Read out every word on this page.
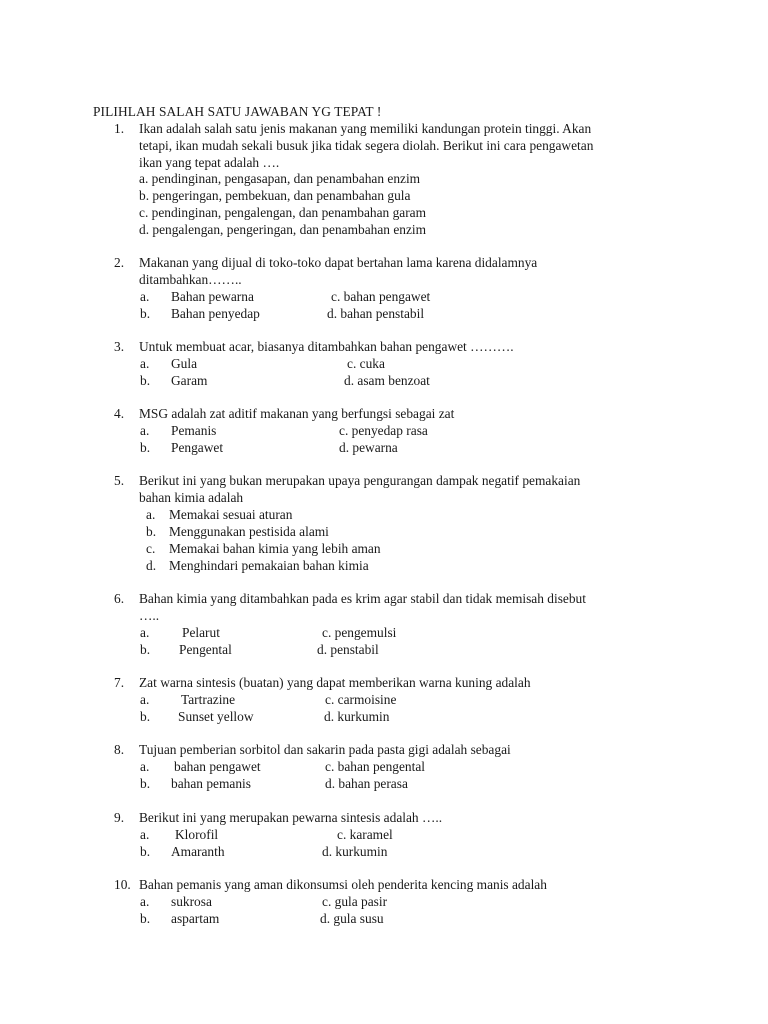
PILIHLAH SALAH SATU JAWABAN YG TEPAT !
1. Ikan adalah salah satu jenis makanan yang memiliki kandungan protein tinggi. Akan
tetapi, ikan mudah sekali busuk jika tidak segera diolah. Berikut ini cara pengawetan
ikan yang tepat adalah ….
a. pendinginan, pengasapan, dan penambahan enzim
b. pengeringan, pembekuan, dan penambahan gula
c. pendinginan, pengalengan, dan penambahan garam
d. pengalengan, pengeringan, dan penambahan enzim
2. Makanan yang dijual di toko-toko dapat bertahan lama karena didalamnya
ditambahkan……..
a. Bahan pewarna	c. bahan pengawet
b. Bahan penyedap	d. bahan penstabil
3. Untuk membuat acar, biasanya ditambahkan bahan pengawet ……….
a. Gula	c. cuka
b. Garam	d. asam benzoat
4. MSG adalah zat aditif makanan yang berfungsi sebagai zat
a. Pemanis	c. penyedap rasa
b. Pengawet	d. pewarna
5. Berikut ini yang bukan merupakan upaya pengurangan dampak negatif pemakaian
bahan kimia adalah
a. Memakai sesuai aturan
b. Menggunakan pestisida alami
c. Memakai bahan kimia yang lebih aman
d. Menghindari pemakaian bahan kimia
6. Bahan kimia yang ditambahkan pada es krim agar stabil dan tidak memisah disebut
…..
a. Pelarut	c. pengemulsi
b. Pengental	d. penstabil
7. Zat warna sintesis (buatan) yang dapat memberikan warna kuning adalah
a. Tartrazine	c. carmoisine
b. Sunset yellow	d. kurkumin
8. Tujuan pemberian sorbitol dan sakarin pada pasta gigi adalah sebagai
a. bahan pengawet	c. bahan pengental
b. bahan pemanis	d. bahan perasa
9. Berikut ini yang merupakan pewarna sintesis adalah …..
a. Klorofil	c. karamel
b. Amaranth	d. kurkumin
10. Bahan pemanis yang aman dikonsumsi oleh penderita kencing manis adalah
a. sukrosa	c. gula pasir
b. aspartam	d. gula susu
